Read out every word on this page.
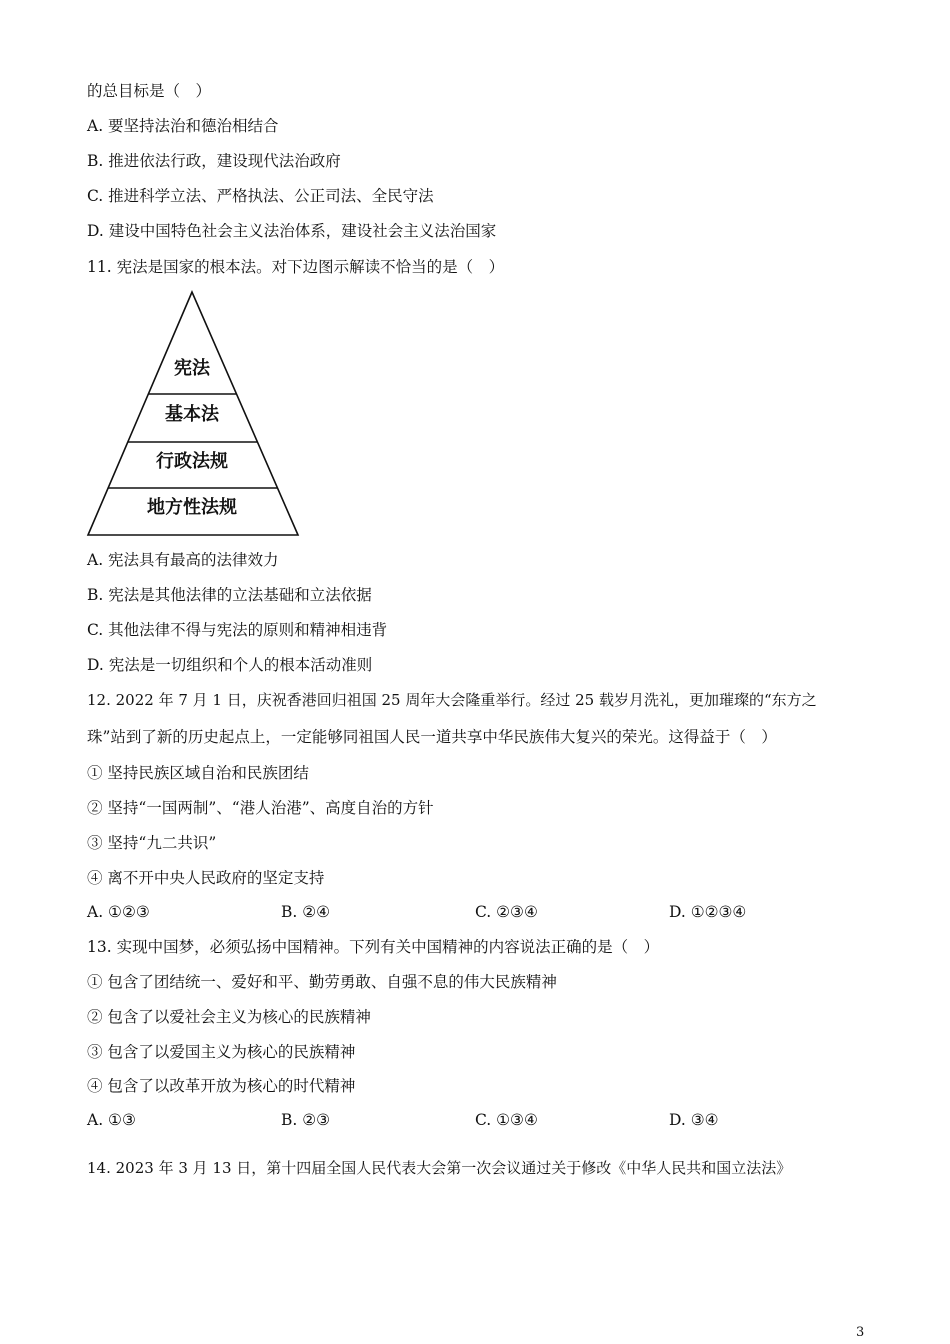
的总目标是（　）
A. 要坚持法治和德治相结合
B. 推进依法行政，建设现代法治政府
C. 推进科学立法、严格执法、公正司法、全民守法
D. 建设中国特色社会主义法治体系，建设社会主义法治国家
11. 宪法是国家的根本法。对下边图示解读不恰当的是（　）
宪法
基本法
行政法规
地方性法规
A. 宪法具有最高的法律效力
B. 宪法是其他法律的立法基础和立法依据
C. 其他法律不得与宪法的原则和精神相违背
D. 宪法是一切组织和个人的根本活动准则
12. 2022 年 7 月 1 日，庆祝香港回归祖国 25 周年大会隆重举行。经过 25 载岁月洗礼，更加璀璨的“东方之
珠”站到了新的历史起点上，一定能够同祖国人民一道共享中华民族伟大复兴的荣光。这得益于（　）
① 坚持民族区域自治和民族团结
② 坚持“一国两制”、“港人治港”、高度自治的方针
③ 坚持“九二共识”
④ 离不开中央人民政府的坚定支持
A. ①②③	B. ②④	C. ②③④	D. ①②③④
13. 实现中国梦，必须弘扬中国精神。下列有关中国精神的内容说法正确的是（　）
① 包含了团结统一、爱好和平、勤劳勇敢、自强不息的伟大民族精神
② 包含了以爱社会主义为核心的民族精神
③ 包含了以爱国主义为核心的民族精神
④ 包含了以改革开放为核心的时代精神
A. ①③	B. ②③	C. ①③④	D. ③④
14. 2023 年 3 月 13 日，第十四届全国人民代表大会第一次会议通过关于修改《中华人民共和国立法法》
3
